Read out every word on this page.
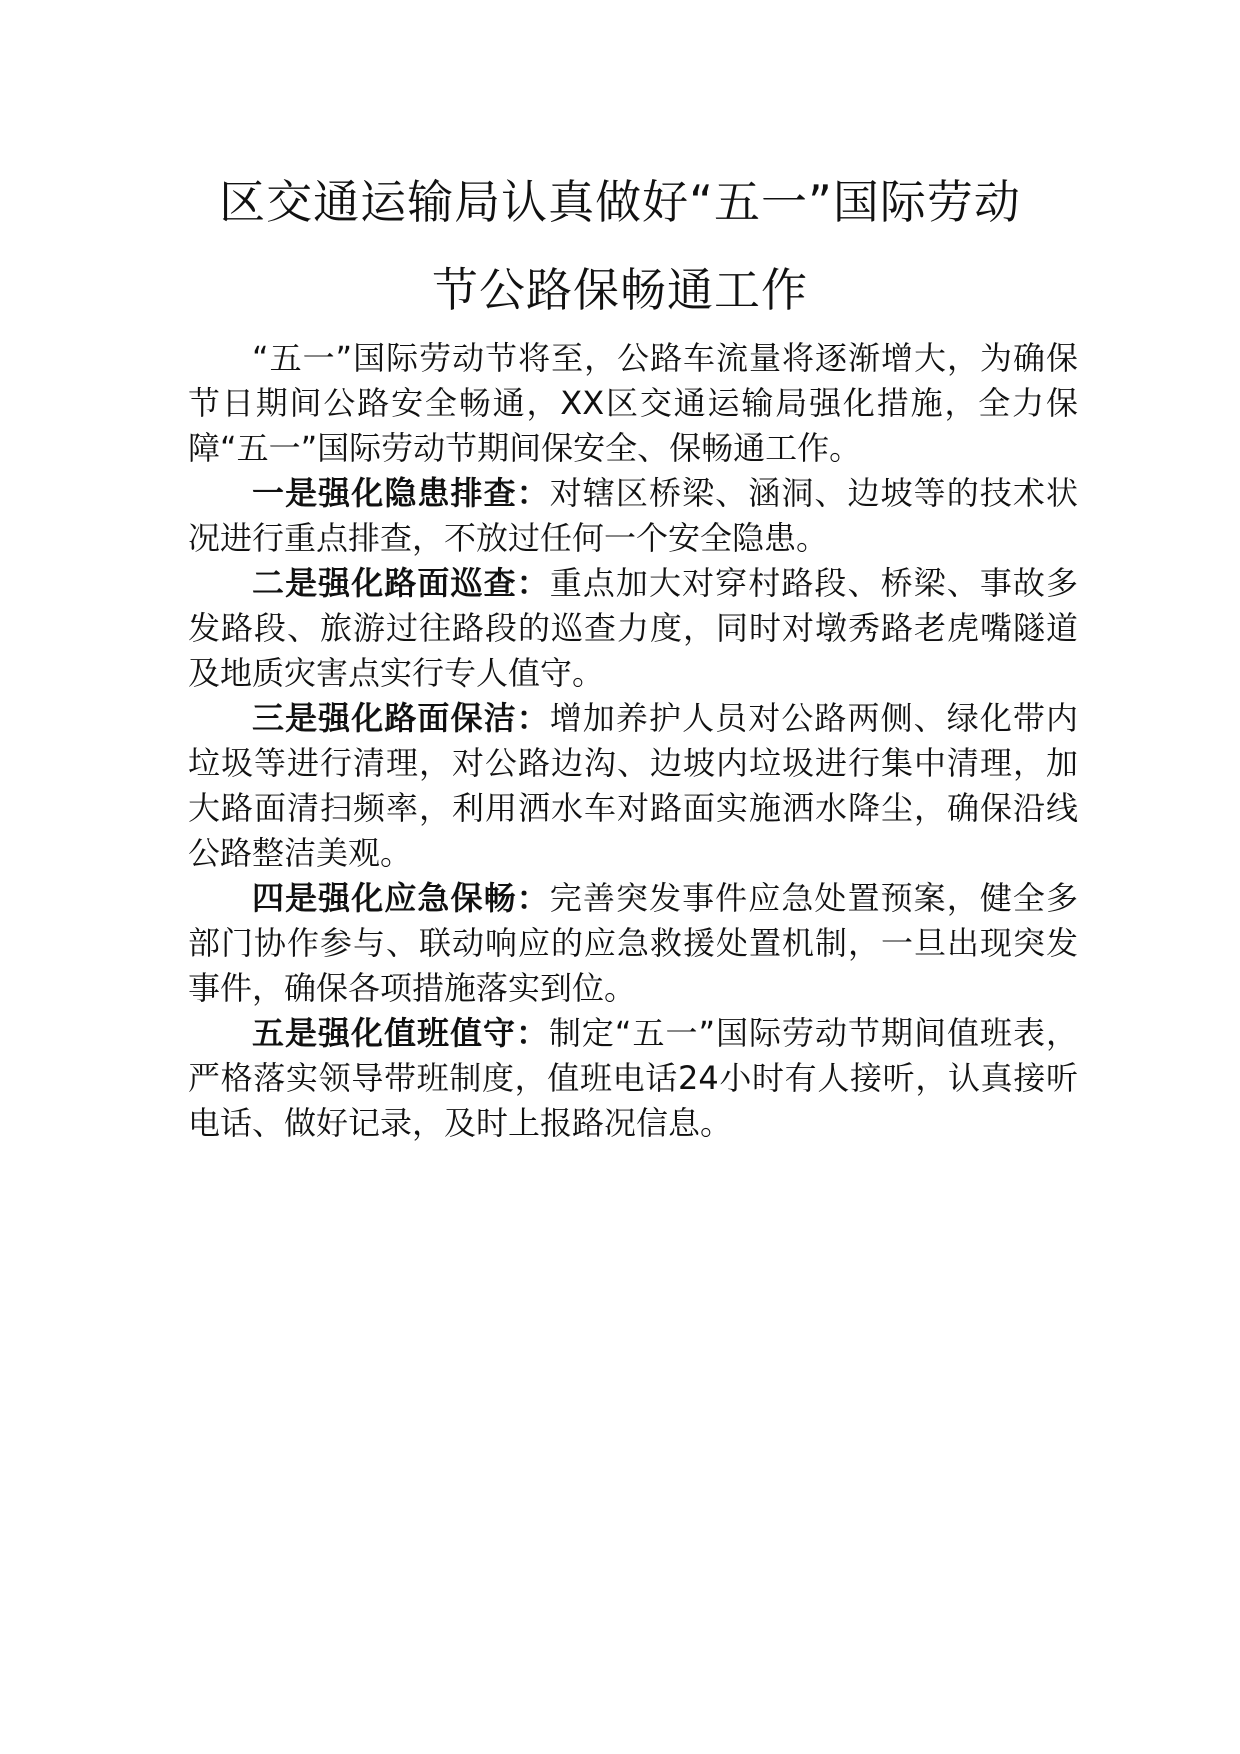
区交通运输局认真做好“五一”国际劳动
节公路保畅通工作

“五一”国际劳动节将至，公路车流量将逐渐增大，为确保节日期间公路安全畅通，XX区交通运输局强化措施，全力保障“五一”国际劳动节期间保安全、保畅通工作。

一是强化隐患排查：对辖区桥梁、涵洞、边坡等的技术状况进行重点排查，不放过任何一个安全隐患。

二是强化路面巡查：重点加大对穿村路段、桥梁、事故多发路段、旅游过往路段的巡查力度，同时对墩秀路老虎嘴隧道及地质灾害点实行专人值守。

三是强化路面保洁：增加养护人员对公路两侧、绿化带内垃圾等进行清理，对公路边沟、边坡内垃圾进行集中清理，加大路面清扫频率，利用洒水车对路面实施洒水降尘，确保沿线公路整洁美观。

四是强化应急保畅：完善突发事件应急处置预案，健全多部门协作参与、联动响应的应急救援处置机制，一旦出现突发事件，确保各项措施落实到位。

五是强化值班值守：制定“五一”国际劳动节期间值班表，严格落实领导带班制度，值班电话24小时有人接听，认真接听电话、做好记录，及时上报路况信息。
